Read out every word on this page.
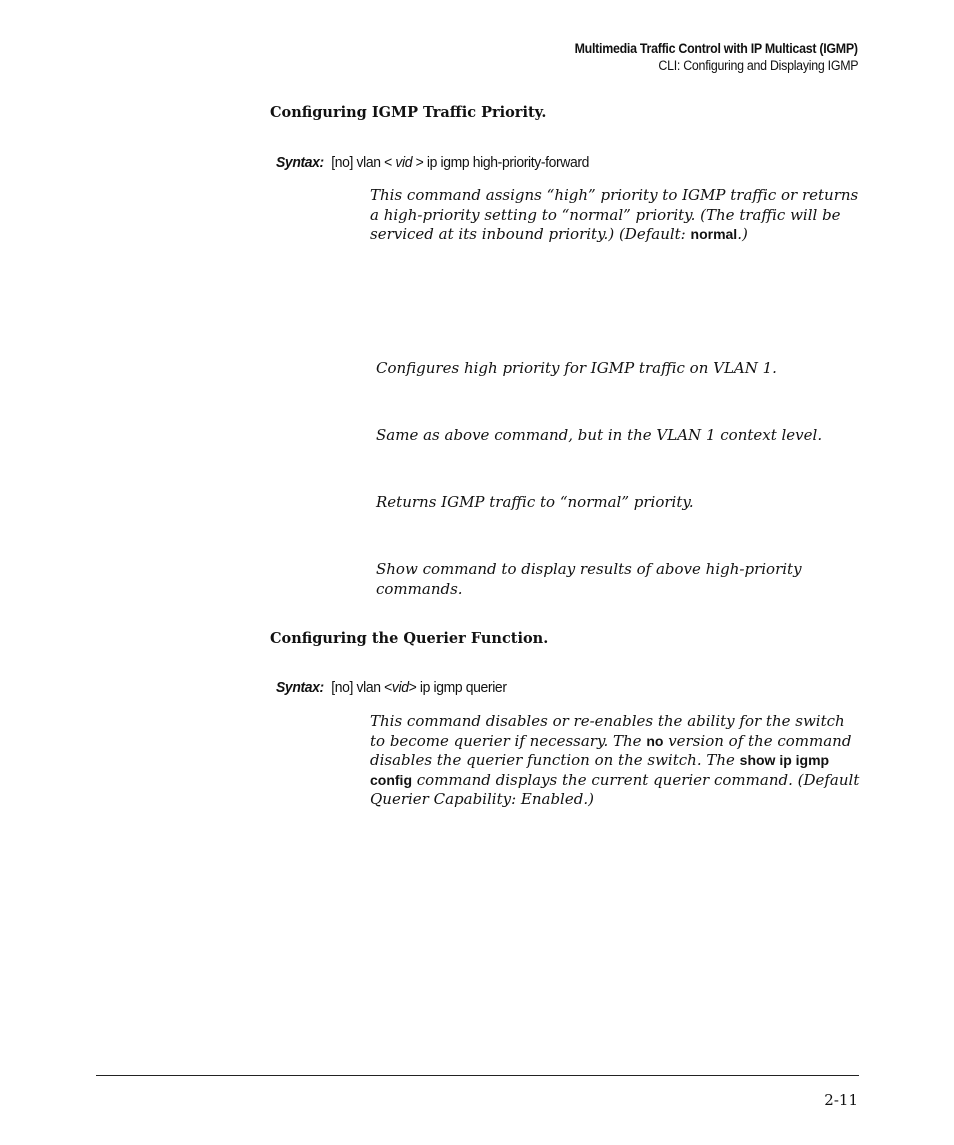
Multimedia Traffic Control with IP Multicast (IGMP)
CLI: Configuring and Displaying IGMP
Configuring IGMP Traffic Priority.
Syntax: [no] vlan < vid > ip igmp high-priority-forward
This command assigns “high” priority to IGMP traffic or returns a high-priority setting to “normal” priority. (The traffic will be serviced at its inbound priority.) (Default: normal.)
Configures high priority for IGMP traffic on VLAN 1.
Same as above command, but in the VLAN 1 context level.
Returns IGMP traffic to “normal” priority.
Show command to display results of above high-priority commands.
Configuring the Querier Function.
Syntax: [no] vlan <vid> ip igmp querier
This command disables or re-enables the ability for the switch to become querier if necessary. The no version of the command disables the querier function on the switch. The show ip igmp config command displays the current querier command. (Default Querier Capability: Enabled.)
2-11
